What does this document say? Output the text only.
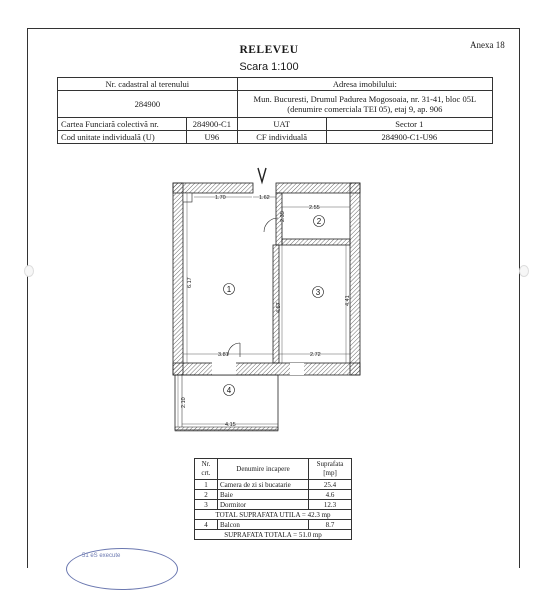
Anexa 18
RELEVEU
Scara 1:100
Nr. cadastral al terenului		Adresa imobilului:	
284900		Mun. Bucuresti, Drumul Padurea Mogosoaia, nr. 31-41, bloc 05L (denumire comerciala TEI 05), etaj 9, ap. 906	
Cartea Funciară colectivă nr.	284900-C1	UAT	Sector 1
Cod unitate individuală (U)	U96	CF individuală	284900-C1-U96
1.70	1.62
2.55
2.35
6.17
4.57
4.41
3.81	2.72
2.10
4.15
1
2
3
4
Nr. crt.	Denumire incapere	Suprafata [mp]
1	Camera de zi si bucatarie	25.4
2	Baie	4.6
3	Dormitor	12.3
TOTAL SUPRAFATA UTILA = 42.3 mp		
4	Balcon	8.7
SUPRAFATA TOTALA = 51.0 mp		
51 eS execute
